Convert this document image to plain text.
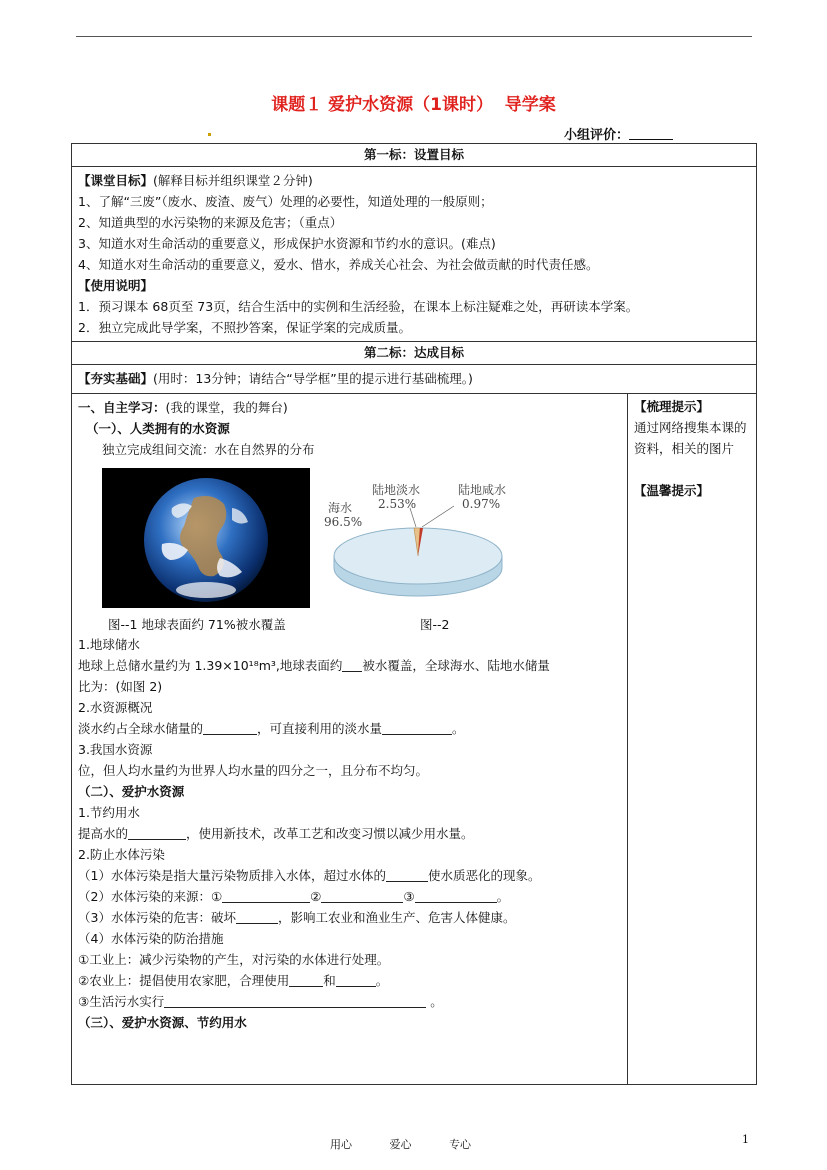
课题１ 爱护水资源（1课时）  导学案
小组评价：
第一标：设置目标

【课堂目标】(解释目标并组织课堂２分钟)
1、了解“三废”（废水、废渣、废气）处理的必要性，知道处理的一般原则；
2、知道典型的水污染物的来源及危害；（重点）
3、知道水对生命活动的重要意义，形成保护水资源和节约水的意识。(难点)
4、知道水对生命活动的重要意义，爱水、惜水，养成关心社会、为社会做贡献的时代责任感。
【使用说明】
1．预习课本 68页至 73页，结合生活中的实例和生活经验，在课本上标注疑难之处，再研读本学案。
2．独立完成此导学案，不照抄答案，保证学案的完成质量。

第二标：达成目标
【夯实基础】(用时：13分钟；请结合“导学框”里的提示进行基础梳理。)

一、自主学习：(我的课堂，我的舞台)
（一）、人类拥有的水资源
独立完成组间交流：水在自然界的分布
陆地淡水
2.53%
陆地咸水
0.97%
海水
96.5%
图--1 地球表面约 71%被水覆盖	图--2
1.地球储水
地球上总储水量约为 1.39×10¹⁸m³,地球表面约 被水覆盖，全球海水、陆地水储量
比为：(如图 2)
2.水资源概况
淡水约占全球水储量的	，可直接利用的淡水量	。
3.我国水资源
位，但人均水量约为世界人均水量的四分之一，且分布不均匀。
（二）、爱护水资源
1.节约用水
提高水的	，使用新技术，改革工艺和改变习惯以减少用水量。
2.防止水体污染
（1）水体污染是指大量污染物质排入水体，超过水体的	使水质恶化的现象。
（2）水体污染的来源：①	②	③	。
（3）水体污染的危害：破坏	，影响工农业和渔业生产、危害人体健康。
（4）水体污染的防治措施
①工业上：减少污染物的产生，对污染的水体进行处理。
②农业上：提倡使用农家肥，合理使用	和	。
③生活污水实行	。
（三）、爱护水资源、节约用水

【梳理提示】
通过网络搜集本课的资料，相关的图片
【温馨提示】
用心	爱心	专心	1
